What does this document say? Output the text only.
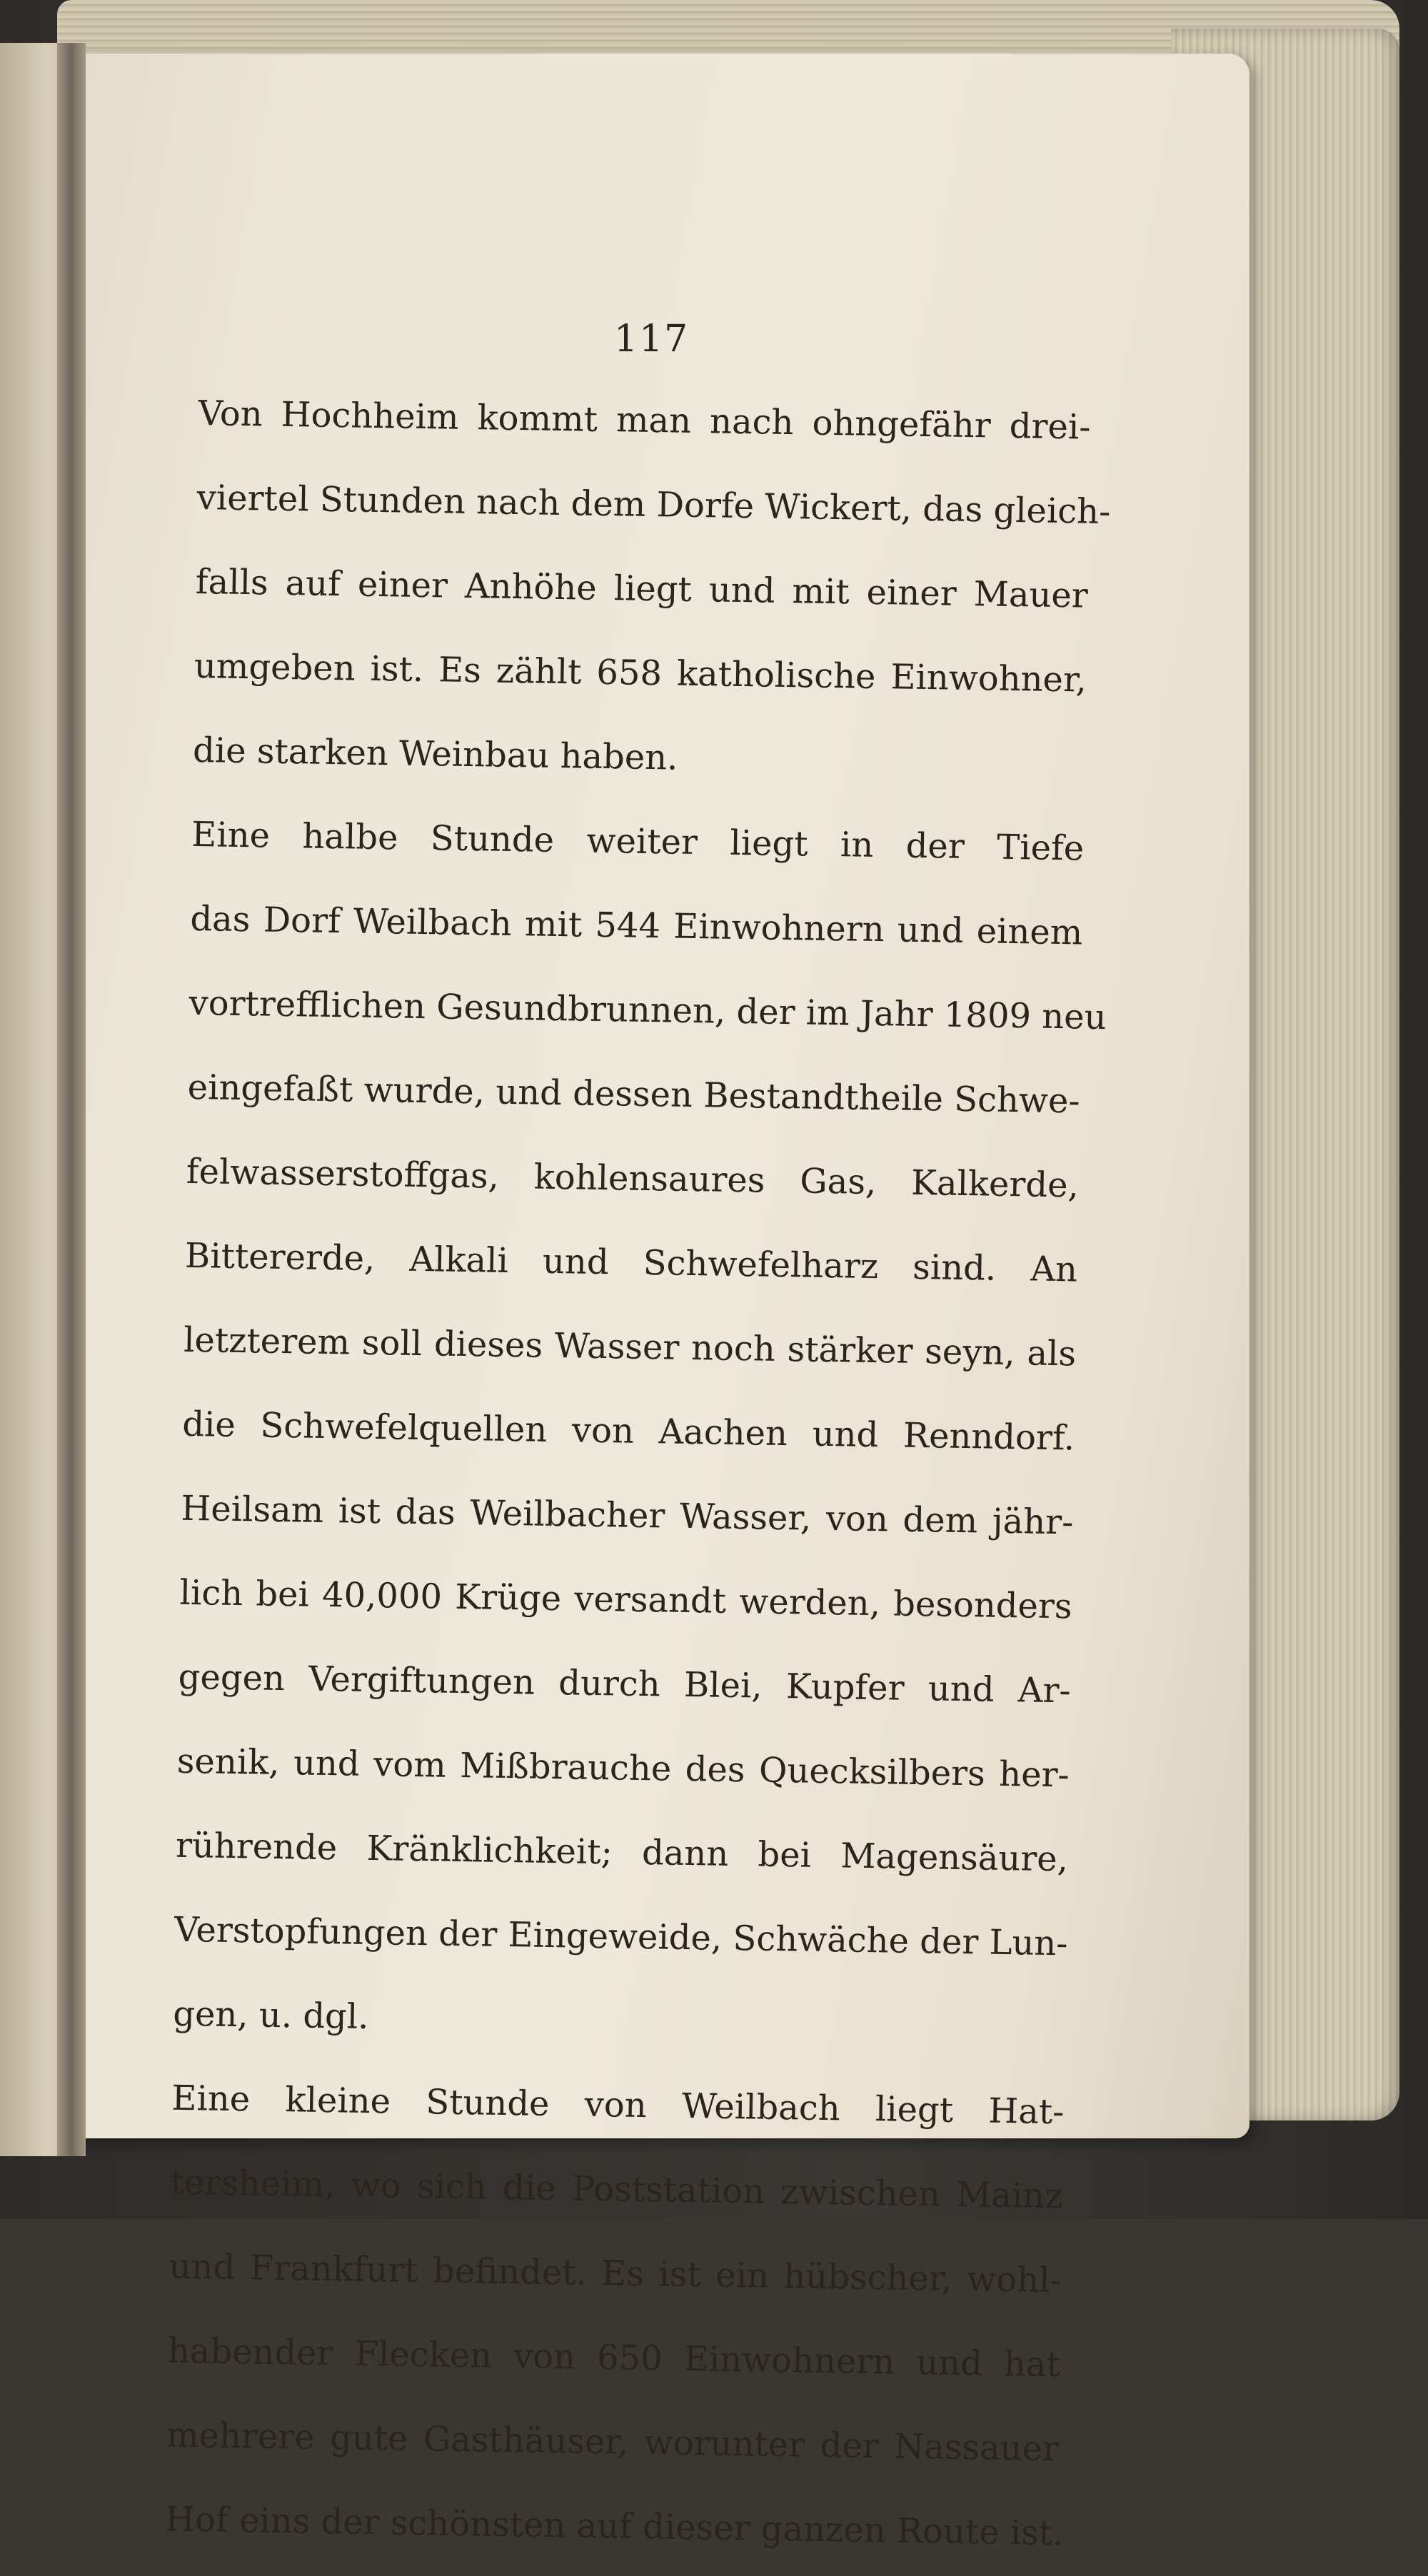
117
Von Hochheim kommt man nach ohngefähr drei-
viertel Stunden nach dem Dorfe Wickert, das gleich-
falls auf einer Anhöhe liegt und mit einer Mauer
umgeben ist. Es zählt 658 katholische Einwohner,
die starken Weinbau haben.
Eine halbe Stunde weiter liegt in der Tiefe
das Dorf Weilbach mit 544 Einwohnern und einem
vortrefflichen Gesundbrunnen, der im Jahr 1809 neu
eingefaßt wurde, und dessen Bestandtheile Schwe-
felwasserstoffgas, kohlensaures Gas, Kalkerde,
Bittererde, Alkali und Schwefelharz sind. An
letzterem soll dieses Wasser noch stärker seyn, als
die Schwefelquellen von Aachen und Renndorf.
Heilsam ist das Weilbacher Wasser, von dem jähr-
lich bei 40,000 Krüge versandt werden, besonders
gegen Vergiftungen durch Blei, Kupfer und Ar-
senik, und vom Mißbrauche des Quecksilbers her-
rührende Kränklichkeit; dann bei Magensäure,
Verstopfungen der Eingeweide, Schwäche der Lun-
gen, u. dgl.
Eine kleine Stunde von Weilbach liegt Hat-
tersheim, wo sich die Poststation zwischen Mainz
und Frankfurt befindet. Es ist ein hübscher, wohl-
habender Flecken von 650 Einwohnern und hat
mehrere gute Gasthäuser, worunter der Nassauer
Hof eins der schönsten auf dieser ganzen Route ist.
